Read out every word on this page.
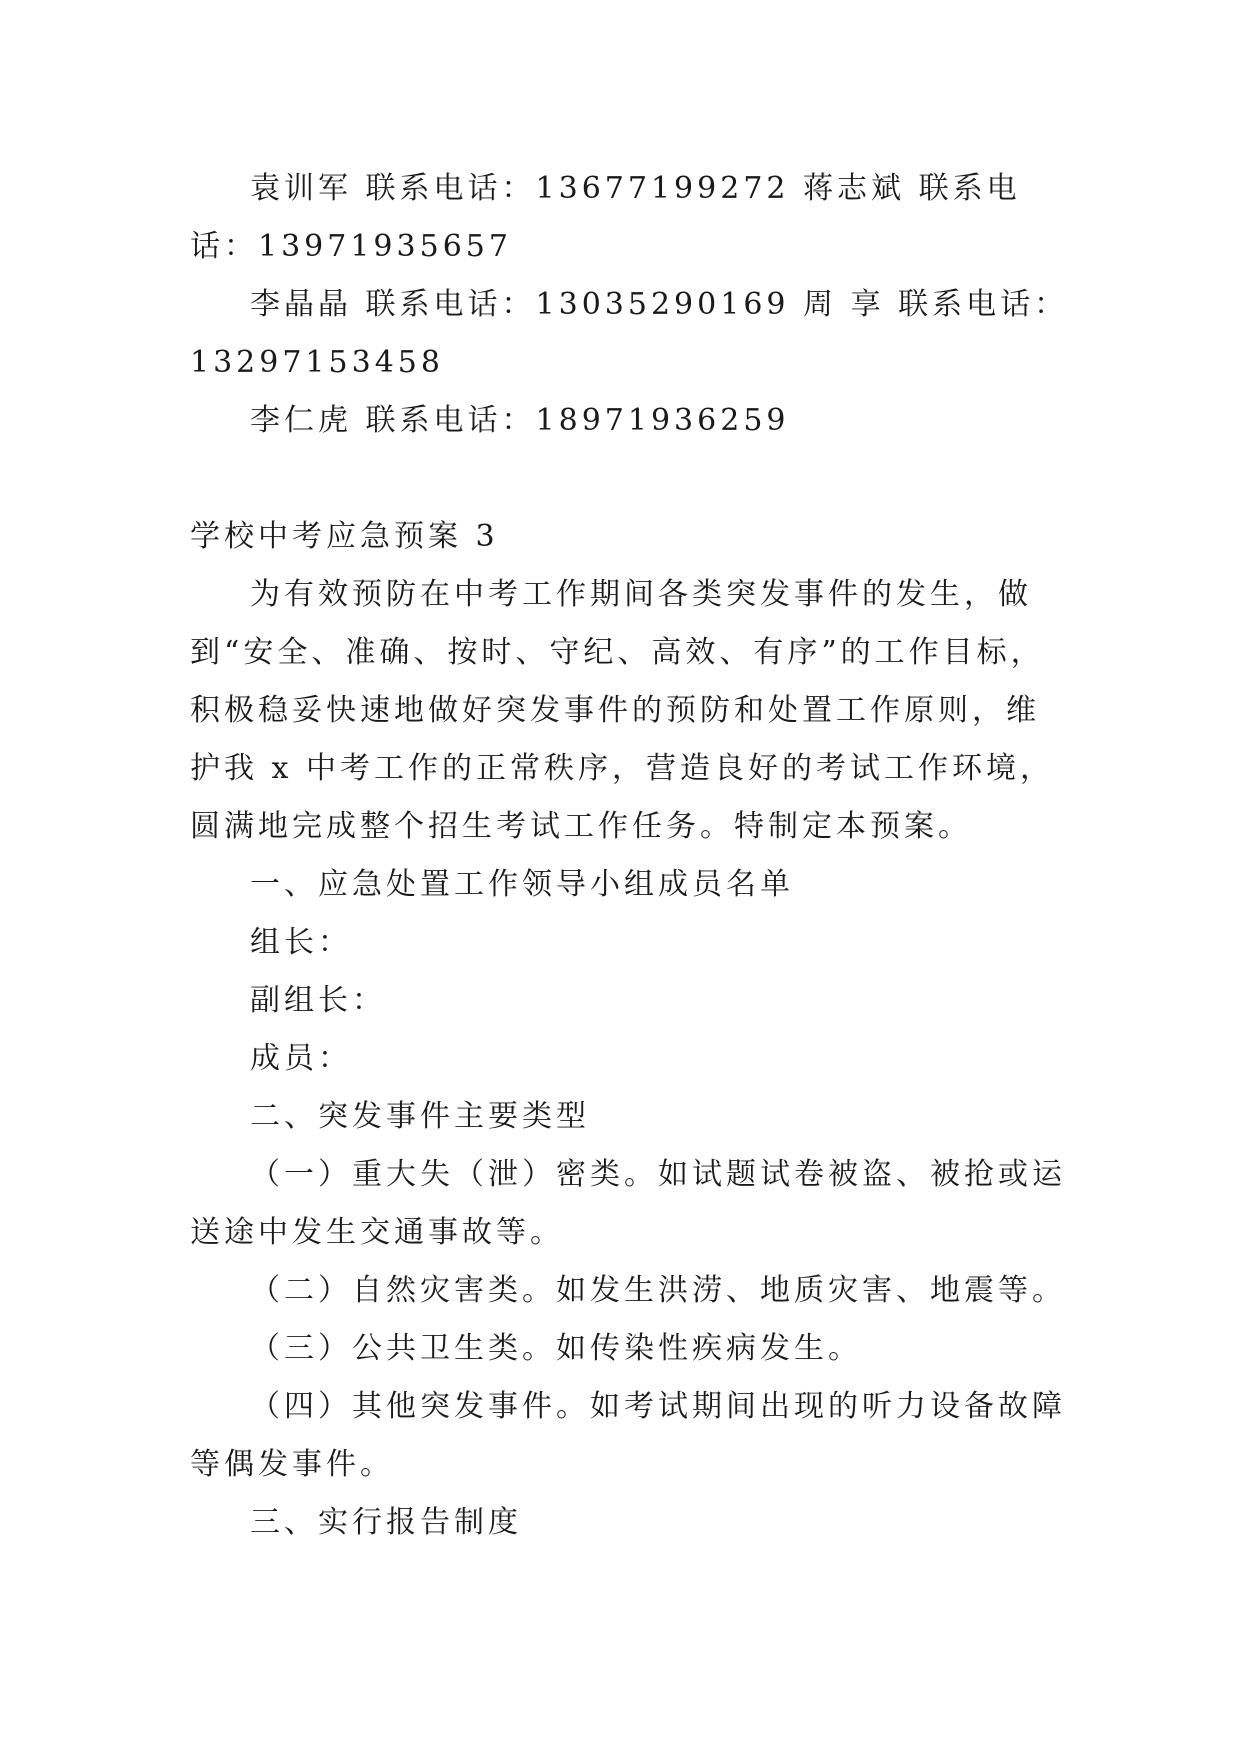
袁训军 联系电话：13677199272 蒋志斌 联系电话：13971935657

李晶晶 联系电话：13035290169 周 享 联系电话：13297153458

李仁虎 联系电话：18971936259

学校中考应急预案 3

为有效预防在中考工作期间各类突发事件的发生，做到“安全、准确、按时、守纪、高效、有序”的工作目标，积极稳妥快速地做好突发事件的预防和处置工作原则，维护我 x 中考工作的正常秩序，营造良好的考试工作环境，圆满地完成整个招生考试工作任务。特制定本预案。

一、应急处置工作领导小组成员名单

组长：

副组长：

成员：

二、突发事件主要类型

（一）重大失（泄）密类。如试题试卷被盗、被抢或运送途中发生交通事故等。

（二）自然灾害类。如发生洪涝、地质灾害、地震等。

（三）公共卫生类。如传染性疾病发生。

（四）其他突发事件。如考试期间出现的听力设备故障等偶发事件。

三、实行报告制度
